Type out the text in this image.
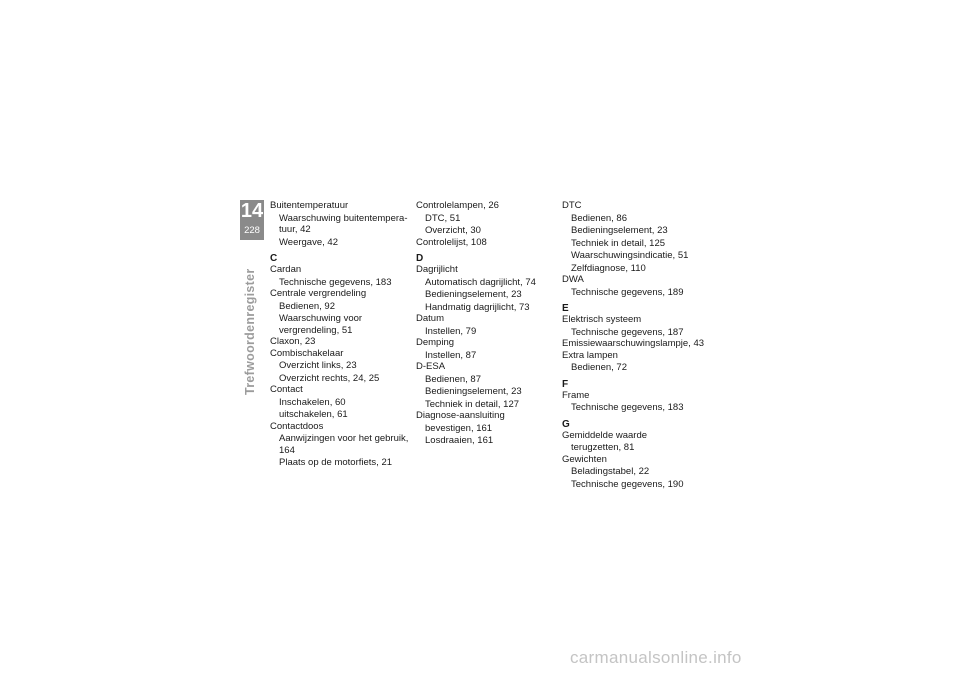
14
228
Trefwoordenregister
Buitentemperatuur
Waarschuwing buitentempera-tuur, 42
Weergave, 42
C
Cardan
Technische gegevens, 183
Centrale vergrendeling
Bedienen, 92
Waarschuwing voor vergrendeling, 51
Claxon, 23
Combischakelaar
Overzicht links, 23
Overzicht rechts, 24, 25
Contact
Inschakelen, 60
uitschakelen, 61
Contactdoos
Aanwijzingen voor het gebruik, 164
Plaats op de motorfiets, 21
Controlelampen, 26
DTC, 51
Overzicht, 30
Controlelijst, 108
D
Dagrijlicht
Automatisch dagrijlicht, 74
Bedieningselement, 23
Handmatig dagrijlicht, 73
Datum
Instellen, 79
Demping
Instellen, 87
D-ESA
Bedienen, 87
Bedieningselement, 23
Techniek in detail, 127
Diagnose-aansluiting
bevestigen, 161
Losdraaien, 161
DTC
Bedienen, 86
Bedieningselement, 23
Techniek in detail, 125
Waarschuwingsindicatie, 51
Zelfdiagnose, 110
DWA
Technische gegevens, 189
E
Elektrisch systeem
Technische gegevens, 187
Emissiewaarschuwingslampje, 43
Extra lampen
Bedienen, 72
F
Frame
Technische gegevens, 183
G
Gemiddelde waarde
terugzetten, 81
Gewichten
Beladingstabel, 22
Technische gegevens, 190
carmanualsonline.info
